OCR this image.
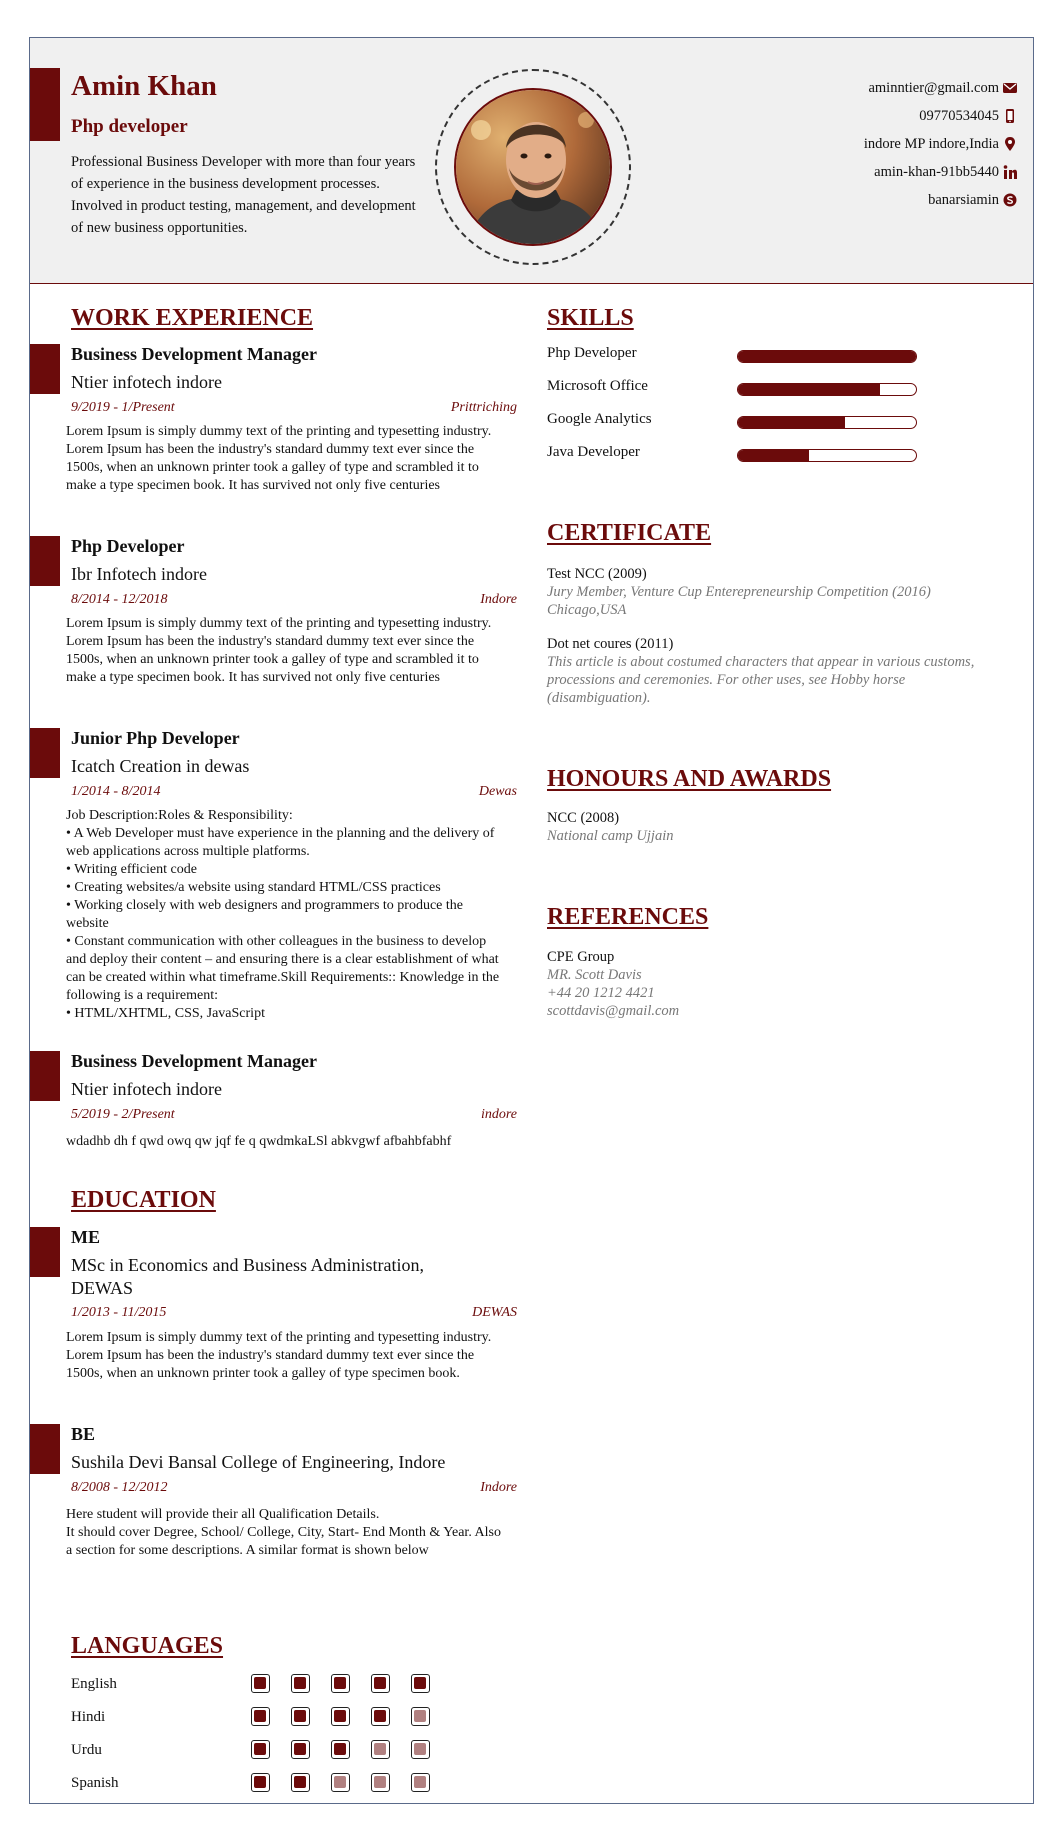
Amin Khan
Php developer
Professional Business Developer with more than four years of experience in the business development processes. Involved in product testing, management, and development of new business opportunities.
aminntier@gmail.com
09770534045
indore MP indore,India
amin-khan-91bb5440
banarsiamin
WORK EXPERIENCE
Business Development Manager
Ntier infotech indore
9/2019 - 1/Present	Prittriching
Lorem Ipsum is simply dummy text of the printing and typesetting industry. Lorem Ipsum has been the industry's standard dummy text ever since the 1500s, when an unknown printer took a galley of type and scrambled it to make a type specimen book. It has survived not only five centuries
Php Developer
Ibr Infotech indore
8/2014 - 12/2018	Indore
Lorem Ipsum is simply dummy text of the printing and typesetting industry. Lorem Ipsum has been the industry's standard dummy text ever since the 1500s, when an unknown printer took a galley of type and scrambled it to make a type specimen book. It has survived not only five centuries
Junior Php Developer
Icatch Creation in dewas
1/2014 - 8/2014	Dewas
Job Description:Roles & Responsibility:
• A Web Developer must have experience in the planning and the delivery of web applications across multiple platforms.
• Writing efficient code
• Creating websites/a website using standard HTML/CSS practices
• Working closely with web designers and programmers to produce the website
• Constant communication with other colleagues in the business to develop and deploy their content – and ensuring there is a clear establishment of what can be created within what timeframe.Skill Requirements:: Knowledge in the following is a requirement:
• HTML/XHTML, CSS, JavaScript
Business Development Manager
Ntier infotech indore
5/2019 - 2/Present	indore
wdadhb dh f qwd owq qw jqf fe q qwdmkaLSl abkvgwf afbahbfabhf
EDUCATION
ME
MSc in Economics and Business Administration, DEWAS
1/2013 - 11/2015	DEWAS
Lorem Ipsum is simply dummy text of the printing and typesetting industry. Lorem Ipsum has been the industry's standard dummy text ever since the 1500s, when an unknown printer took a galley of type specimen book.
BE
Sushila Devi Bansal College of Engineering, Indore
8/2008 - 12/2012	Indore
Here student will provide their all Qualification Details.
It should cover Degree, School/ College, City, Start- End Month & Year. Also a section for some descriptions. A similar format is shown below
LANGUAGES
SKILLS
CERTIFICATE
Test NCC (2009)
Jury Member, Venture Cup Enterepreneurship Competition (2016) Chicago,USA
Dot net coures (2011)
This article is about costumed characters that appear in various customs, processions and ceremonies. For other uses, see Hobby horse (disambiguation).
HONOURS AND AWARDS
NCC (2008)
National camp Ujjain
REFERENCES
CPE Group
MR. Scott Davis
+44 20 1212 4421
scottdavis@gmail.com
Php Developer
Microsoft Office
Google Analytics
Java Developer
English
Hindi
Urdu
Spanish
